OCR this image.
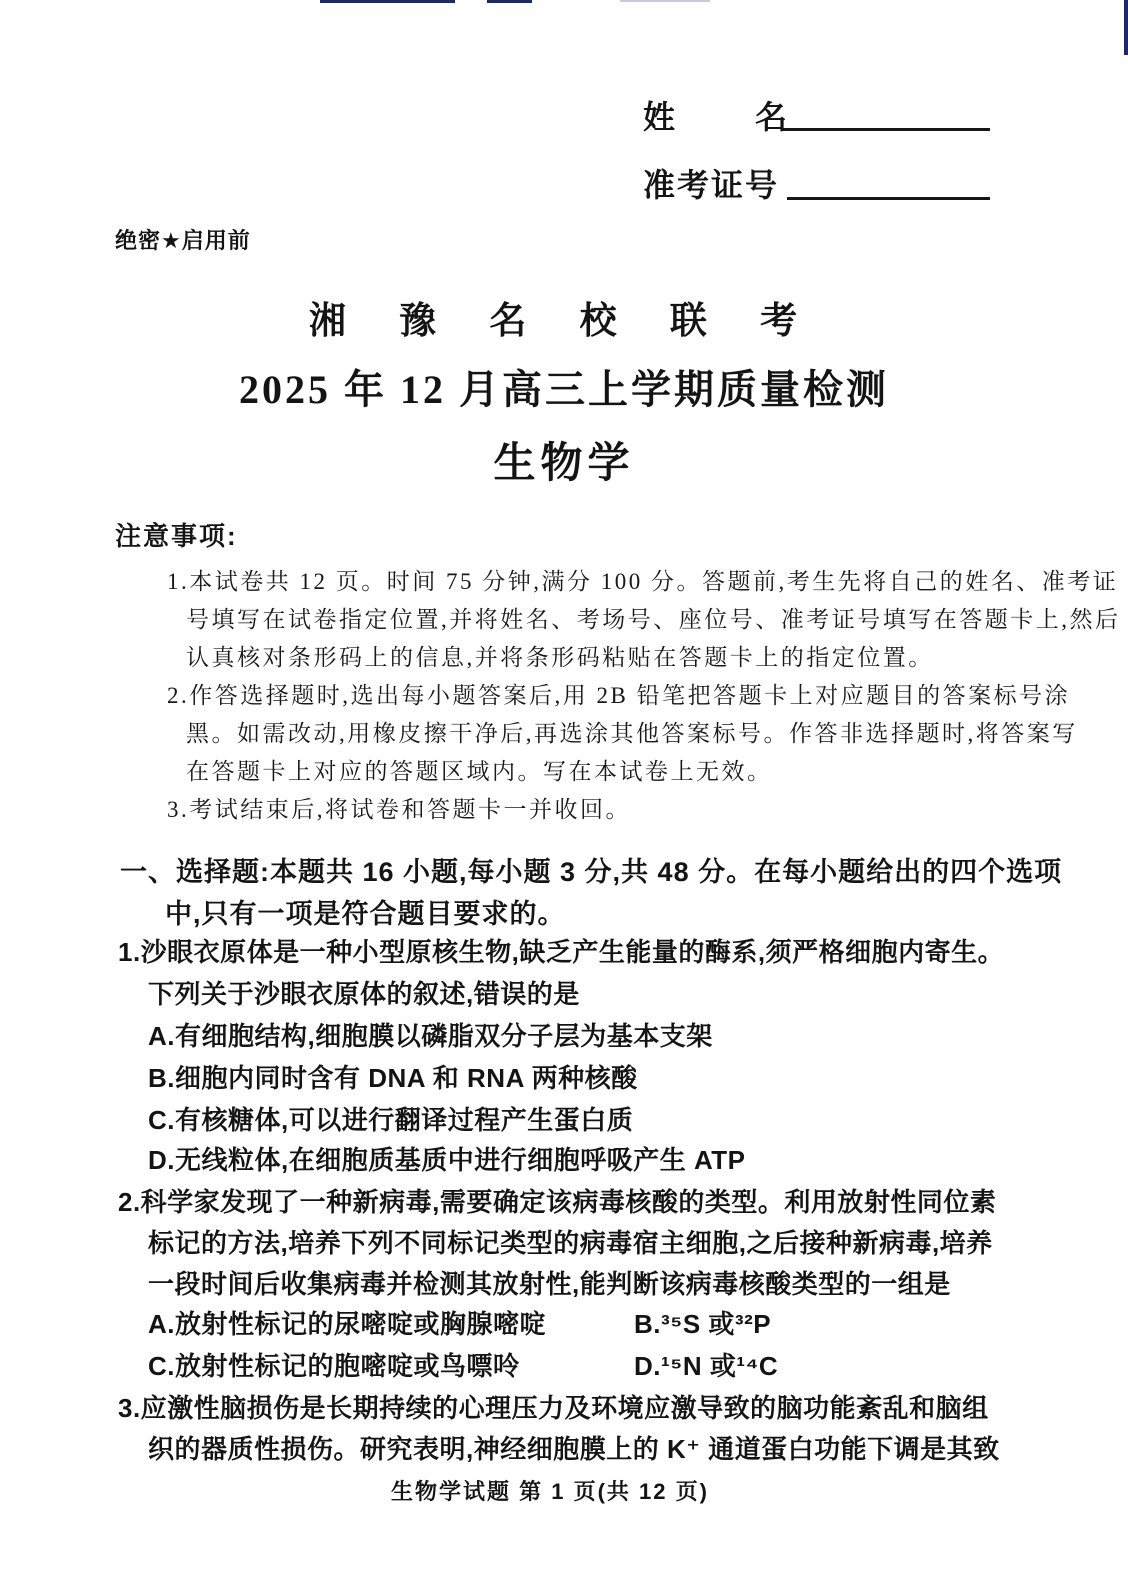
姓 名
准考证号
绝密★启用前
湘 豫 名 校 联 考
2025 年 12 月高三上学期质量检测
生物学
注意事项:
1.本试卷共 12 页。时间 75 分钟,满分 100 分。答题前,考生先将自己的姓名、准考证
号填写在试卷指定位置,并将姓名、考场号、座位号、准考证号填写在答题卡上,然后
认真核对条形码上的信息,并将条形码粘贴在答题卡上的指定位置。
2.作答选择题时,选出每小题答案后,用 2B 铅笔把答题卡上对应题目的答案标号涂
黑。如需改动,用橡皮擦干净后,再选涂其他答案标号。作答非选择题时,将答案写
在答题卡上对应的答题区域内。写在本试卷上无效。
3.考试结束后,将试卷和答题卡一并收回。
一、选择题:本题共 16 小题,每小题 3 分,共 48 分。在每小题给出的四个选项
中,只有一项是符合题目要求的。
1.沙眼衣原体是一种小型原核生物,缺乏产生能量的酶系,须严格细胞内寄生。
下列关于沙眼衣原体的叙述,错误的是
A.有细胞结构,细胞膜以磷脂双分子层为基本支架
B.细胞内同时含有 DNA 和 RNA 两种核酸
C.有核糖体,可以进行翻译过程产生蛋白质
D.无线粒体,在细胞质基质中进行细胞呼吸产生 ATP
2.科学家发现了一种新病毒,需要确定该病毒核酸的类型。利用放射性同位素
标记的方法,培养下列不同标记类型的病毒宿主细胞,之后接种新病毒,培养
一段时间后收集病毒并检测其放射性,能判断该病毒核酸类型的一组是
A.放射性标记的尿嘧啶或胸腺嘧啶	B.³⁵S 或³²P
C.放射性标记的胞嘧啶或鸟嘌呤	D.¹⁵N 或¹⁴C
3.应激性脑损伤是长期持续的心理压力及环境应激导致的脑功能紊乱和脑组
织的器质性损伤。研究表明,神经细胞膜上的 K⁺ 通道蛋白功能下调是其致
生物学试题 第 1 页(共 12 页)
